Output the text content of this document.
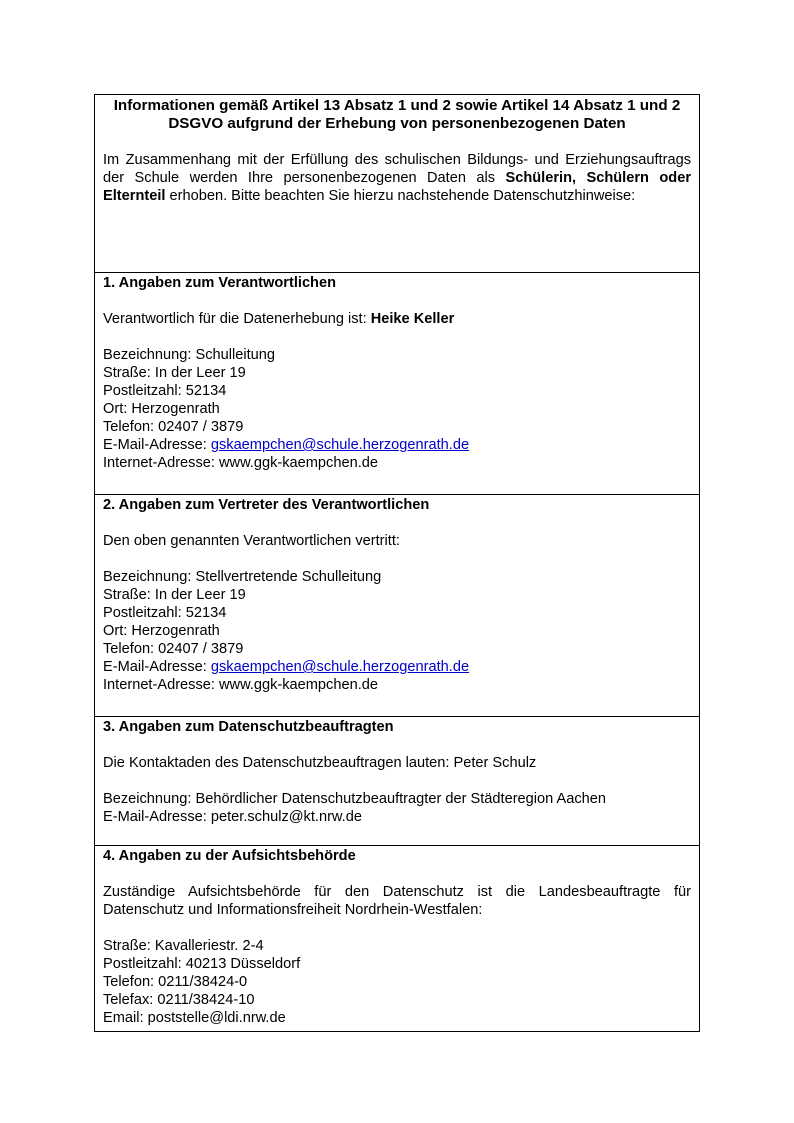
Informationen gemäß Artikel 13 Absatz 1 und 2 sowie Artikel 14 Absatz 1 und 2 DSGVO aufgrund der Erhebung von personenbezogenen Daten

Im Zusammenhang mit der Erfüllung des schulischen Bildungs- und Erziehungsauftrags der Schule werden Ihre personenbezogenen Daten als Schülerin, Schülern oder Elternteil erhoben. Bitte beachten Sie hierzu nachstehende Datenschutzhinweise:

1. Angaben zum Verantwortlichen

Verantwortlich für die Datenerhebung ist: Heike Keller

Bezeichnung: Schulleitung

Straße: In der Leer 19

Postleitzahl: 52134

Ort: Herzogenrath

Telefon: 02407 / 3879

E-Mail-Adresse: gskaempchen@schule.herzogenrath.de

Internet-Adresse: www.ggk-kaempchen.de

2. Angaben zum Vertreter des Verantwortlichen

Den oben genannten Verantwortlichen vertritt:

Bezeichnung: Stellvertretende Schulleitung

Straße: In der Leer 19

Postleitzahl: 52134

Ort: Herzogenrath

Telefon: 02407 / 3879

E-Mail-Adresse: gskaempchen@schule.herzogenrath.de

Internet-Adresse: www.ggk-kaempchen.de

3. Angaben zum Datenschutzbeauftragten

Die Kontaktaden des Datenschutzbeauftragen lauten: Peter Schulz

Bezeichnung: Behördlicher Datenschutzbeauftragter der Städteregion Aachen

E-Mail-Adresse: peter.schulz@kt.nrw.de

4. Angaben zu der Aufsichtsbehörde

Zuständige Aufsichtsbehörde für den Datenschutz ist die Landesbeauftragte für Datenschutz und Informationsfreiheit Nordrhein-Westfalen:

Straße: Kavalleriestr. 2-4

Postleitzahl: 40213 Düsseldorf

Telefon: 0211/38424-0

Telefax: 0211/38424-10

Email: poststelle@ldi.nrw.de
